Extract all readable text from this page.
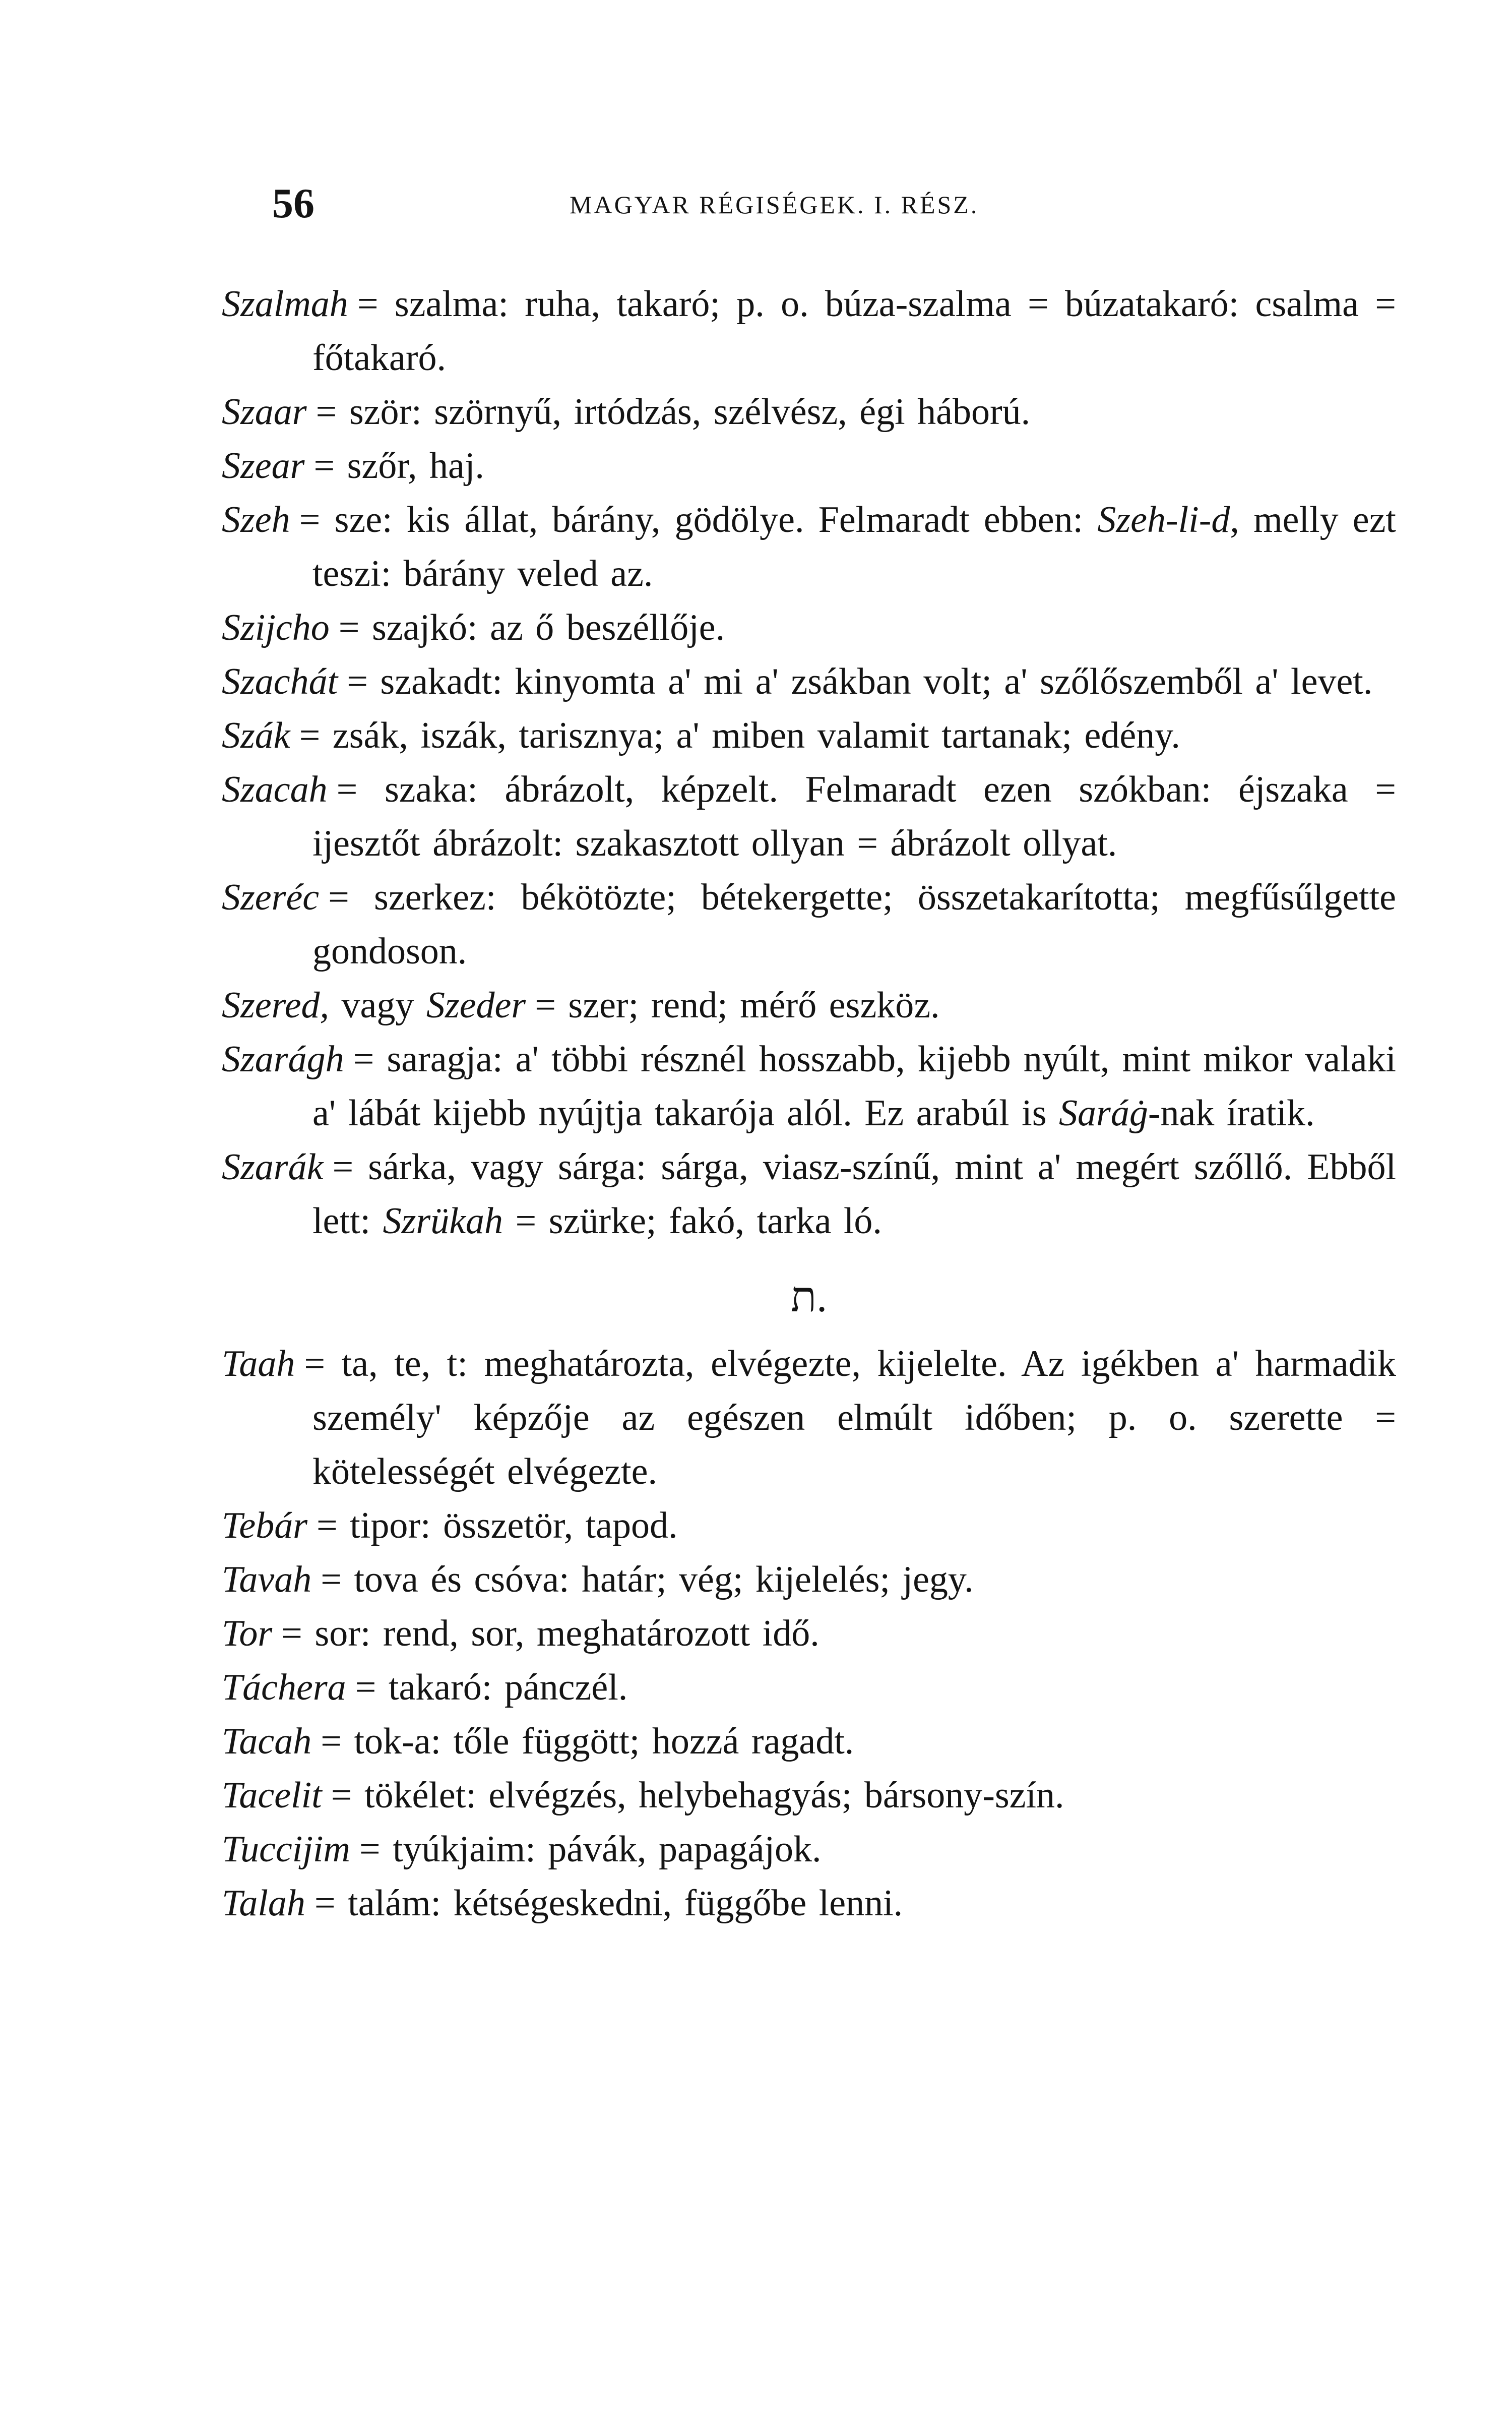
56	MAGYAR RÉGISÉGEK. I. RÉSZ.

Szalmah = szalma: ruha, takaró; p. o. búza-szalma = búzatakaró: csalma = főtakaró.

Szaar = ször: szörnyű, irtódzás, szélvész, égi háború.

Szear = szőr, haj.

Szeh = sze: kis állat, bárány, gödölye. Felmaradt ebben: Szeh-li-d, melly ezt teszi: bárány veled az.

Szijcho = szajkó: az ő beszéllője.

Szachát = szakadt: kinyomta a' mi a' zsákban volt; a' szőlőszemből a' levet.

Szák = zsák, iszák, tarisznya; a' miben valamit tartanak; edény.

Szacah = szaka: ábrázolt, képzelt. Felmaradt ezen szókban: éjszaka = ijesztőt ábrázolt: szakasztott ollyan = ábrázolt ollyat.

Szeréc = szerkez: békötözte; bétekergette; összetakarította; megfűsűlgette gondoson.

Szered, vagy Szeder = szer; rend; mérő eszköz.

Szarágh = saragja: a' többi résznél hosszabb, kijebb nyúlt, mint mikor valaki a' lábát kijebb nyújtja takarója alól. Ez arabúl is Saráġ-nak íratik.

Szarák = sárka, vagy sárga: sárga, viasz-színű, mint a' megért szőllő. Ebből lett: Szrükah = szürke; fakó, tarka ló.

ת.

Taah = ta, te, t: meghatározta, elvégezte, kijelelte. Az igékben a' harmadik személy' képzője az egészen elmúlt időben; p. o. szerette = kötelességét elvégezte.

Tebár = tipor: összetör, tapod.

Tavah = tova és csóva: határ; vég; kijelelés; jegy.

Tor = sor: rend, sor, meghatározott idő.

Táchera = takaró: pánczél.

Tacah = tok-a: tőle függött; hozzá ragadt.

Tacelit = tökélet: elvégzés, helybehagyás; bársony-szín.

Tuccijim = tyúkjaim: pávák, papagájok.

Talah = talám: kétségeskedni, függőbe lenni.
